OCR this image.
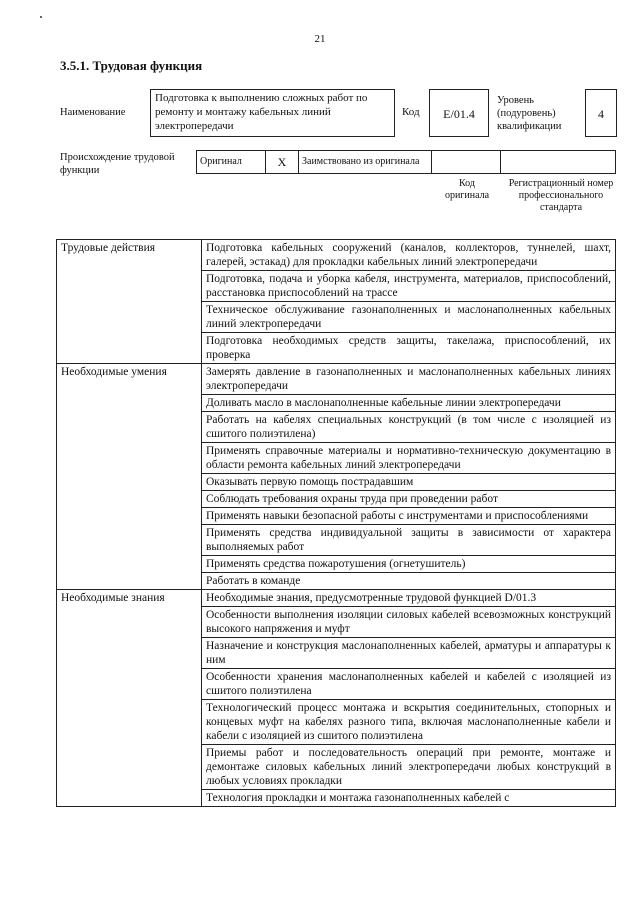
21
3.5.1. Трудовая функция
Наименование
Подготовка к выполнению сложных работ по ремонту и монтажу кабельных линий электропередачи
Код	E/01.4
Уровень (подуровень) квалификации
4
Происхождение трудовой функции
Оригинал	X	Заимствовано из оригинала		
Код оригинала
Регистрационный номер профессионального стандарта
Трудовые действия	Подготовка кабельных сооружений (каналов, коллекторов, туннелей, шахт, галерей, эстакад) для прокладки кабельных линий электропередачи
	Подготовка, подача и уборка кабеля, инструмента, материалов, приспособлений, расстановка приспособлений на трассе
	Техническое обслуживание газонаполненных и маслонаполненных кабельных линий электропередачи
	Подготовка необходимых средств защиты, такелажа, приспособлений, их проверка
Необходимые умения	Замерять давление в газонаполненных и маслонаполненных кабельных линиях электропередачи
	Доливать масло в маслонаполненные кабельные линии электропередачи
	Работать на кабелях специальных конструкций (в том числе с изоляцией из сшитого полиэтилена)
	Применять справочные материалы и нормативно-техническую документацию в области ремонта кабельных линий электропередачи
	Оказывать первую помощь пострадавшим
	Соблюдать требования охраны труда при проведении работ
	Применять навыки безопасной работы с инструментами и приспособлениями
	Применять средства индивидуальной защиты в зависимости от характера выполняемых работ
	Применять средства пожаротушения (огнетушитель)
	Работать в команде
Необходимые знания	Необходимые знания, предусмотренные трудовой функцией D/01.3
	Особенности выполнения изоляции силовых кабелей всевозможных конструкций высокого напряжения и муфт
	Назначение и конструкция маслонаполненных кабелей, арматуры и аппаратуры к ним
	Особенности хранения маслонаполненных кабелей и кабелей с изоляцией из сшитого полиэтилена
	Технологический процесс монтажа и вскрытия соединительных, стопорных и концевых муфт на кабелях разного типа, включая маслонаполненные кабели и кабели с изоляцией из сшитого полиэтилена
	Приемы работ и последовательность операций при ремонте, монтаже и демонтаже силовых кабельных линий электропередачи любых конструкций в любых условиях прокладки
	Технология прокладки и монтажа газонаполненных кабелей с
